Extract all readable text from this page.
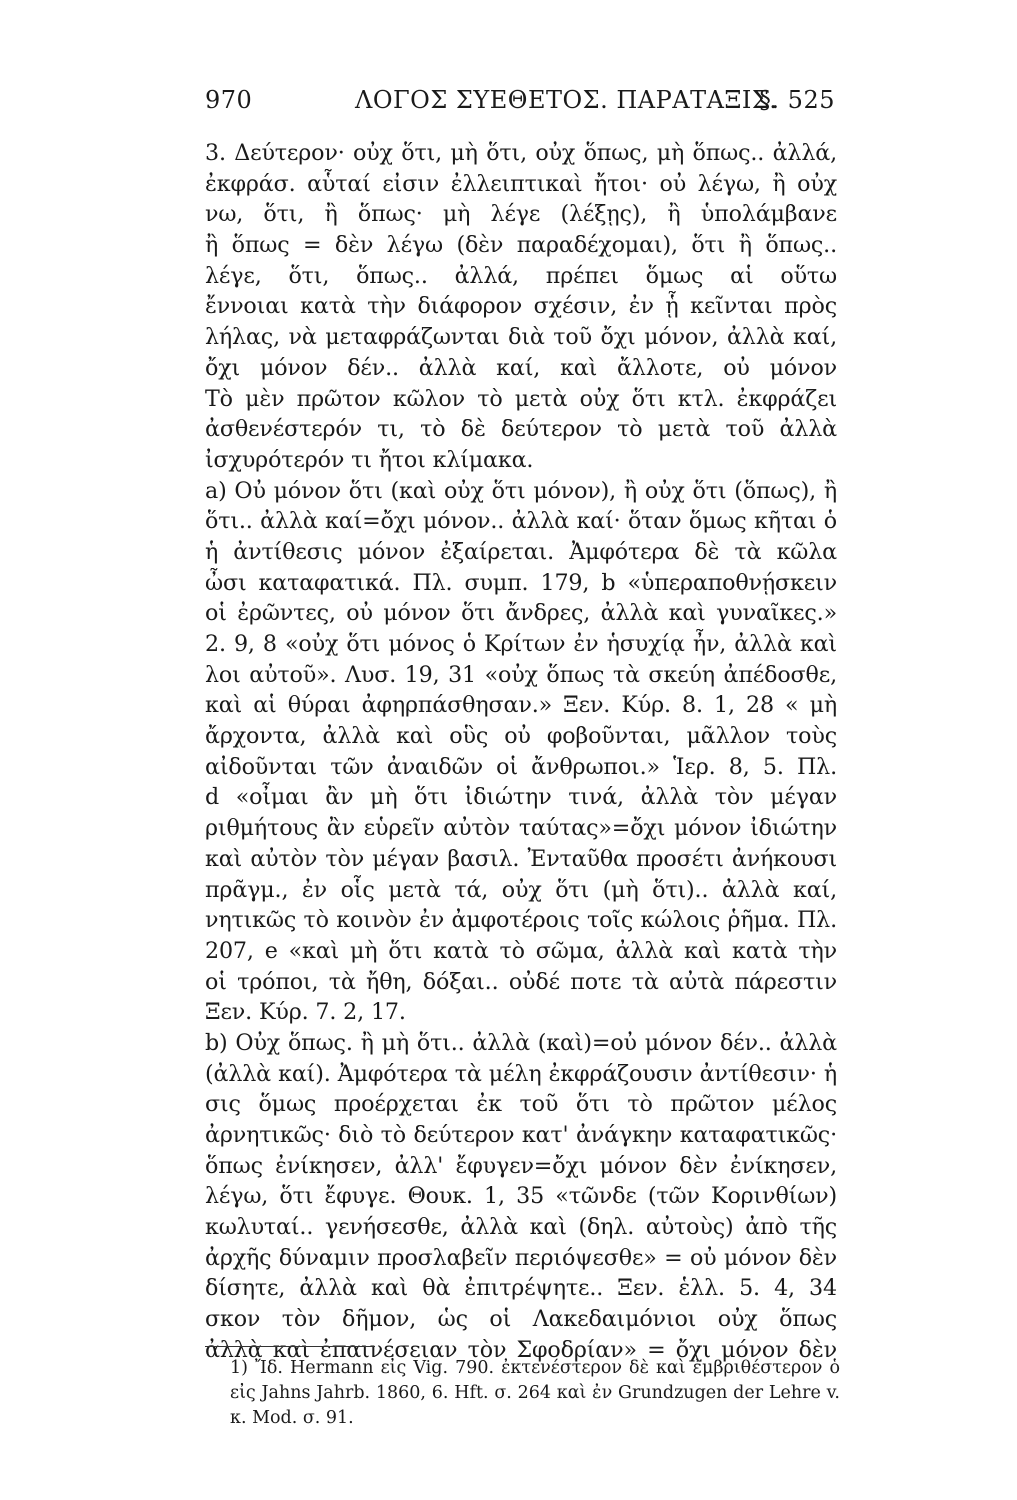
970	ΛΟΓΟΣ ΣΥΕΘΕΤΟΣ. ΠΑΡΑΤΑΞΙΣ.
§. 525
3. Δεύτερον· οὐχ ὅτι, μὴ ὅτι, οὐχ ὅπως, μὴ ὅπως.. ἀλλά,
ἐκφράσ. αὗταί εἰσιν ἐλλειπτικαὶ ἤτοι· οὐ λέγω, ἢ οὐχ
νω, ὅτι, ἢ ὅπως· μὴ λέγε (λέξῃς), ἢ ὑπολάμβανε
ἢ ὅπως = δὲν λέγω (δὲν παραδέχομαι), ὅτι ἢ ὅπως..
λέγε, ὅτι, ὅπως.. ἀλλά, πρέπει ὅμως αἱ οὕτω
ἔννοιαι κατὰ τὴν διάφορον σχέσιν, ἐν ᾗ κεῖνται πρὸς
λήλας, νὰ μεταφράζωνται διὰ τοῦ ὄχι μόνον, ἀλλὰ καί,
ὄχι μόνον δέν.. ἀλλὰ καί, καὶ ἄλλοτε, οὐ μόνον
Τὸ μὲν πρῶτον κῶλον τὸ μετὰ οὐχ ὅτι κτλ. ἐκφράζει
ἀσθενέστερόν τι, τὸ δὲ δεύτερον τὸ μετὰ τοῦ ἀλλὰ
ἰσχυρότερόν τι ἤτοι κλίμακα.
a) Οὐ μόνον ὅτι (καὶ οὐχ ὅτι μόνον), ἢ οὐχ ὅτι (ὅπως), ἢ
ὅτι.. ἀλλὰ καί=ὄχι μόνον.. ἀλλὰ καί· ὅταν ὅμως κῆται ὁ
ἡ ἀντίθεσις μόνον ἐξαίρεται. Ἀμφότερα δὲ τὰ κῶλα
ὦσι καταφατικά. Πλ. συμπ. 179, b «ὑπεραποθνῄσκειν
οἱ ἐρῶντες, οὐ μόνον ὅτι ἄνδρες, ἀλλὰ καὶ γυναῖκες.»
2. 9, 8 «οὐχ ὅτι μόνος ὁ Κρίτων ἐν ἡσυχίᾳ ἦν, ἀλλὰ καὶ
λοι αὐτοῦ». Λυσ. 19, 31 «οὐχ ὅπως τὰ σκεύη ἀπέδοσθε,
καὶ αἱ θύραι ἀφηρπάσθησαν.» Ξεν. Κύρ. 8. 1, 28 « μὴ
ἄρχοντα, ἀλλὰ καὶ οὓς οὐ φοβοῦνται, μᾶλλον τοὺς
αἰδοῦνται τῶν ἀναιδῶν οἱ ἄνθρωποι.» Ἱερ. 8, 5. Πλ.
d «οἶμαι ἂν μὴ ὅτι ἰδιώτην τινά, ἀλλὰ τὸν μέγαν
ριθμήτους ἂν εὑρεῖν αὐτὸν ταύτας»=ὄχι μόνον ἰδιώτην
καὶ αὐτὸν τὸν μέγαν βασιλ. Ἐνταῦθα προσέτι ἀνήκουσι
πρᾶγμ., ἐν οἷς μετὰ τά, οὐχ ὅτι (μὴ ὅτι).. ἀλλὰ καί,
νητικῶς τὸ κοινὸν ἐν ἀμφοτέροις τοῖς κώλοις ῥῆμα. Πλ.
207, e «καὶ μὴ ὅτι κατὰ τὸ σῶμα, ἀλλὰ καὶ κατὰ τὴν
οἱ τρόποι, τὰ ἤθη, δόξαι.. οὐδέ ποτε τὰ αὐτὰ πάρεστιν
Ξεν. Κύρ. 7. 2, 17.
b) Οὐχ ὅπως. ἢ μὴ ὅτι.. ἀλλὰ (καὶ)=οὐ μόνον δέν.. ἀλλὰ
(ἀλλὰ καί). Ἀμφότερα τὰ μέλη ἐκφράζουσιν ἀντίθεσιν· ἡ
σις ὅμως προέρχεται ἐκ τοῦ ὅτι τὸ πρῶτον μέλος
ἀρνητικῶς· διὸ τὸ δεύτερον κατ' ἀνάγκην καταφατικῶς·
ὅπως ἐνίκησεν, ἀλλ' ἔφυγεν=ὄχι μόνον δὲν ἐνίκησεν,
λέγω, ὅτι ἔφυγε. Θουκ. 1, 35 «τῶνδε (τῶν Κορινθίων)
κωλυταί.. γενήσεσθε, ἀλλὰ καὶ (δηλ. αὐτοὺς) ἀπὸ τῆς
ἀρχῆς δύναμιν προσλαβεῖν περιόψεσθε» = οὐ μόνον δὲν
δίσητε, ἀλλὰ καὶ θὰ ἐπιτρέψητε.. Ξεν. ἑλλ. 5. 4, 34
σκον τὸν δῆμον, ὡς οἱ Λακεδαιμόνιοι οὐχ ὅπως
ἀλλὰ καὶ ἐπαινέσειαν τὸν Σφοδρίαν» = ὄχι μόνον δὲν
1) Ἴδ. Hermann εἰς Vig. 790. ἐκτενέστερον δὲ καὶ ἐμβριθέστερον ὁ
εἰς Jahns Jahrb. 1860, 6. Hft. σ. 264 καὶ ἐν Grundzugen der Lehre v.
κ. Mod. σ. 91.
